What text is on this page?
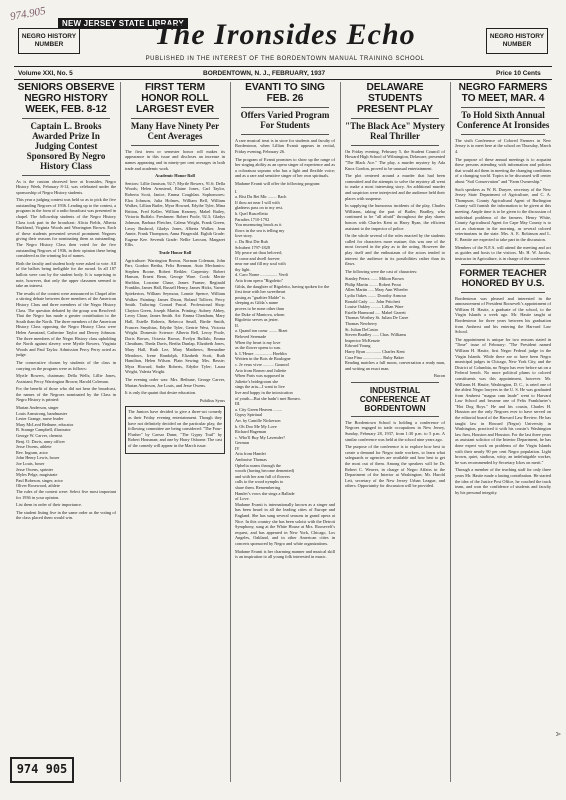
974.905
NEW JERSEY STATE LIBRARY
NEGRO HISTORY NUMBER
NEGRO HISTORY NUMBER
The Ironsides Echo
PUBLISHED IN THE INTEREST OF THE BORDENTOWN MANUAL TRAINING SCHOOL
Volume XXI, No. 5	BORDENTOWN, N. J., FEBRUARY, 1937	Price 10 Cents
SENIORS OBSERVE NEGRO HISTORY WEEK, FEB. 8-12
Captain L. Brooks Awarded Prize In Judging Contest Sponsored By Negro History Class

As is the custom observed here at Ironsides, Negro History Week, February 8-12, was celebrated under the sponsorship of Negro History students.

This year a judging contest was held so as to pick the five outstanding Negroes of 1936. Leading up to the contest, a program in the form of a radio broadcast was presented in chapel. The followship students of the Negro History Class took part in the broadcast: Alicia Fields, Alberta Burkhead, Virginia Woods and Warrington Brown. Each of these students presented several prominent Negroes giving their reasons for nominating them as outstanding. The Negro History Class then voted for the five outstanding Negroes of 1936, in their opinion these being considered as the winning list of names.

Both the faculty and student body were asked to vote. All of the ballots being ineligible for the award. In all 187 ballots were cast by the student body. It is surprising to note, however, that only the upper classmen seemed to take an interest.

The results of the contest were announced in Chapel after a stirring debate between three members of the American History Class and three members of the Negro History Class. The question debated by the group was Resolved: That the Negro has made a greater contribution to the South than the North. The three members of the American History Class opposing the Negro History Class were Helen Armstead, Catherine Taylor and Dewey Johnson. The three members of the Negro History class upholding the North against slavery were Myrtle Bowers, Virginia Woods and Paul Taylor. Admission Percy Perry acted as judge.

The consecutive chosen by students of the class in carrying on the program were as follows:

Myrtle Bowers, chairman; Della Wells; Lillie Jones, Assistant; Percy Warrington Brown; Harold Coleman.

For the benefit of those who did not hear the broadcast, the names of the Negroes nominated by the Class in Negro History is printed:

Marian Anderson, singer
Louis Armstrong, bandmaster
Lester Grange, nurse leader
Mary McLeod Bethune, educator
B. Strange Campbell, illustrator
George W. Carver, chemist
Benj. O. Davis, army officer
Jesse Owens, athlete
Rev. Ingram, actor
John Henry Lewis, boxer
Joe Louis, boxer
Jesse Owens, sprinter
Myles Pelge, magistrate
Paul Robeson, singer, actor
Oliver Rosewood, athlete

The rules of the contest were: Select five most important for 1936 in your opinion.

List them in order of their importance.

The student listing five in the same order as the voting of the class placed them would win.

FIRST TERM HONOR ROLL LARGEST EVER
Many Have Ninety Per Cent Averages

The first term or semester honor roll makes its appearance in this issue and discloses an increase in names appearing and in ninety-per cent averages in both trade and academic work.

Academic Honor Roll

Seniors: Lillie Jamison, 92.7; Myrtle Bowers, 91.6; Della Woods; Helen Armstead, Elaine Jones, Carl Taylor, Roberta Scott, Janice, Emma Coughlan. Sophomores: Elza Johnson, Julia Holmes, William Bell, William Walker, Lillian Butler, Myra Howard, Edythe Tyler, Mina Britton, Fred Keller, William Kearney, Mabel Bailey, Victoria Buffalo. Freshmen: Robert Poole, 92.3; Gladys Johnson, Barbara Fletcher, Calena Wright, Frank Green, Leroy Bushrod, Gladys Jones, Alberta Walker, Jean Annie, Frank Thompson, Anna Fitzgerald. Eighth Grade: Eugene Kee. Seventh Grade: Nellie Lawson, Margaret Ellis.

Trade Honor Roll

Agriculture: Warrington Brown, Norman Coleman, John Parr, Gordon Bertha, Felix Brennan. Auto Mechanics: Stephen Boone, Robert Reikler. Carpentry: Robert Hanson, Ernest Bean, George Ware. Cook: Mertie Sheldon, Lorraine Chase, James Framer, Reginald Franklin, James Hall, Russell Henry, James Hicks, Varner Spiekerton, William Seymour, Lonnie Spence, William Walker. Painting: James Dixon, Roland Tolliver, Percy Smith. Tailoring: Conrad Pascal. Professional Shop: Clayton Green, Joseph Martin. Printing: Aubrey Abbey, Leroy Chase, James Smith. Art: Emma Cheatham, Mary Hall, Estelle Roberts, Rebecca Small, Birdie Smith, Frances Smythius, Edythe Tyler, Gertrie West, Victoria Wright. Domestic Science: Alberta Bell, Leroy Poole, Doris Brown, Octavia Brown, Evelyn Buffalo, Emma Cheatham, Theda Davis, Bertha Dunlap, Elizabeth Jones, Mary Hall, Ruth Lee, Mary Matthews, Bernadine Meadows, Irene Randolph, Elizabeth Scott, Ruth Hamilton, Helen Wilson. Plain Sewing: Mrs. Bessie; Myra Howard, Sadie Roberts, Edythe Tyler; Laura Wright, Valeria Wright.

The evening order was: Mrs. Bethune, George Carver, Marian Anderson, Joe Louis, and Jesse Owens.

It is only the quaint that desire education.

Pubilius Syrus

The Juniors have decided to give a three-act comedy as their Friday evening entertainment. Though they have not definitely decided on the particular play, the following committee are being considered: "The Four-Flusher" by Caesar Dunn; "The Gypsy Trail" by Robert Housman; and one by Harry Osborne. The cast of the comedy will appear in the March issue.

EVANTI TO SING FEB. 26
Offers Varied Program For Students

A rare musical treat is in store for students and faculty of Bordentown, when Lillian Evanti appears in recital, Friday evening, February 26.

The program of Evanti promises to show up the range of her singing ability as an opera singer of experience and as a coloratura soprano who has a light and flexible voice; and as a rare and sensitive singer of her own spirituals.

Madame Evanti will offer the following program:

I.
a. Bist Du Bei Mir ........ Bach
If thou art near I will with
gladness pass on to my rest.
b. Quel Ruscelletto
Paradies 1710-1792
You murmuring brook as it
flows in the sea is telling my
love story.
c. Du Bist Die Ruh
Schubert 1797-1828
My peace art thou beloved;
O come and dwell forever
near me and fill my soul with
thy light.
d. Caro Nome ................ Verdi
Aria from opera "Rigoletto"
Gilda, the daughter of Rigoletto, having spoken for the
first time with her sweetheart
posing as "gualtier Malde" is
sleeping as Gilda´s name
proves to be none other than
the Duke of Mantova, whom
Rigoletto serves as jester.
II.
a. Quand ton coeur ........ Bizet
Beloved Serenade
When thy heart is my love
as the flower opens to sun.
b. L’Heure ................ Hoeblin
Written in the Bois de Boulogne
c. Je veux vivre .......... Gounod
Aria from Romeo and Juliette
When Paris was supposed in
Juliette’s bridegroom she
sings the aria—I want to live
live and happy in the intoxication
of youth—But she hadn’t met Romeo.
III.
a. City Green Heaven ........
Gypsy Spiritual
Arr. by Camille Nickerson
b. Oh Doo Me My Love
Richard Hageman
c. Who'll Buy My Lavender?
German
IV
Aria from Hamlet
Ambroise Thomas
Ophelia roams through the
woods (having become demented)
and with her arm full of flowers
calls to the wood nymphs to
share them. Remembering
Hamlet’s vows she sings a Ballade
of Love.

Madame Evanti is internationally known as a singer and has been heard in all the leading cities of Europe and England. She has sung several seasons in grand opera at Nice. In this country she has been soloist with the Detroit Symphony, sung at the White House at Mrs. Roosevelt’s request, and has appeared in New York, Chicago, Los Angeles, Oakland, and in other American cities in concerts sponsored by Negro and white organizations.

Madame Evanti is her charming manner and musical skill is an inspiration to all young folk interested in music.

DELAWARE STUDENTS PRESENT PLAY
"The Black Ace" Mystery Real Thriller

On Friday evening, February 5, the Student Council of Howard High School of Wilmington, Delaware, presented "The Black Ace." The play, a murder mystery by Ada Knox Gordon, proved to be unusual entertainment.

The plot centered around a murder that had been committed and the attempts to solve the mystery all went to make a most interesting story. An additional murder and suspicion were interjected and the audience held their places with suspense.

In supplying the humorous incidents of the play, Charles Williams, taking the part of Butler, Bradley, who continued to be "all afraid" throughout the play shares honors with Charles Kent as Harry Ryan, the efficient assistant to the inspector of police.

On the whole several of the roles enacted by the students called for characters more mature; this was one of the most favored in the play as to the acting. However the play itself and the enthusiasm of the actors tended to interest the audience in its possibilities rather than its flaws.

The following were the cast of characters:

Stanley Peters ....... Milton Brown
Philip Martin ........ Robert Prout
Allen Martin ..... Mary Ann Wheeler
Lydia Oakes ........ Dorothy Armour
Ronald Cady ...... John Pritchett
Louise Oakley ......... Lillian Ware
Estelle Harmond ..... Mabel Garrett
Thomas Worthey St. Julian De Carre
Thomas Newberry
St. Julian DeCastro
Steven Bradley ...... Chas. Williams
Inspector McKenzie
Edward Young
Harry Ryan .............. Charles Kent
Cara Pina .................. Ruby Baker

Reading matches a full moon, conversation a ready man, and writing an exact man.

Bacon

INDUSTRIAL CONFERENCE AT BORDENTOWN

The Bordentown School is holding a conference of Negroes engaged in trade occupations in New Jersey, Sunday, February 28, 1937, from 1:30 p.m. to 5 p.m. A similar conference was held at the school nine years ago.

The purpose of the conference is to explore how best to create a demand for Negro trade workers, to learn what safeguards or agencies are available and how best to get the most out of them. Among the speakers will be Dr. Robert C. Weaver, in charge of Negro Affairs in the Department of the Interior at Washington; Mr. Harold Lett, secretary of the New Jersey Urban League, and others. Opportunity for discussion will be provided.

NEGRO FARMERS TO MEET, MAR. 4
To Hold Sixth Annual Conference At Ironsides

The sixth Conference of Colored Farmers in New Jersey is to meet here at the school on Thursday, March 4.

The purpose of these annual meetings is to acquaint these persons attending with information and policies that would aid them in meeting the changing conditions of a changing world. Topics to be discussed will center about "Soil Conservation" and "Farm Ownership."

Such speakers as W. B. Duryee, secretary of the New Jersey State Department of Agriculture, and C. A. Thompson, County Agricultural Agent of Burlington County will furnish the information to be given at this meeting. Ample time is to be given to the discussion of individual problems of the farmers. Henry White, County Agricultural Agent for Cape May County is to act as chairman in the morning, as several colored veterinarians in the state. Mrs. A. E. Robinson and L. E. Beattie are expected to take part in the discussion.

Members of the N.F.A. will attend the meeting and act as guides and hosts to the visitors. Mr. H. W. Jacobs, instructor in Agriculture, is in charge of the conference.

FORMER TEACHER HONORED BY U.S.

Bordentown was pleased and interested in the announcement of President Roosevelt’s appointment of William H. Hastie, a graduate of the school, to the Virgin Islands a week ago. Mr. Hastie taught at Bordentown for three years between his graduation from Amherst and his entering the Harvard Law School.

The appointment is unique for two reasons stated in "Time" issue of February: "The President named William H. Hastie, first Negro Federal judge in the Virgin Islands. While there are or have been Negro municipal judges in Chicago, New York City, and the District of Columbia, no Negro has ever before sat on a Federal bench. No more political plums to colored constituents was this appointment, however. Mr. Williams H. Hastie, Washington, D. C., is rated one of the ablest Negro lawyers in the U. S. He was graduated from Amherst "magna cum laude" went to Harvard Law School and became one of Felix Frankfurter’s "Hot Dog Boys." He and his cousin, Charles H. Houston are the only Negroes ever to have served on the editorial board of the Harvard Law Review. He has taught law in Howard (Negro) University in Washington, practiced it with his cousin’s Washington law firm, Houston and Houston. For the last three years as assistant solicitor of the Interior Department, he has done expert work on problems of the Virgin Islands with their nearly 90 per cent Negro population. Light brown, quiet, studious, witty, an indefatigable worker, he was recommended by Secretary Ickes on merit."

Through a member of the teaching staff for only three years Mr. Hastie made a lasting contribution. He started the idea of the Justice Post Office, he coached the track team, and won the confidence of students and faculty by his personal integrity.

974 905
A
